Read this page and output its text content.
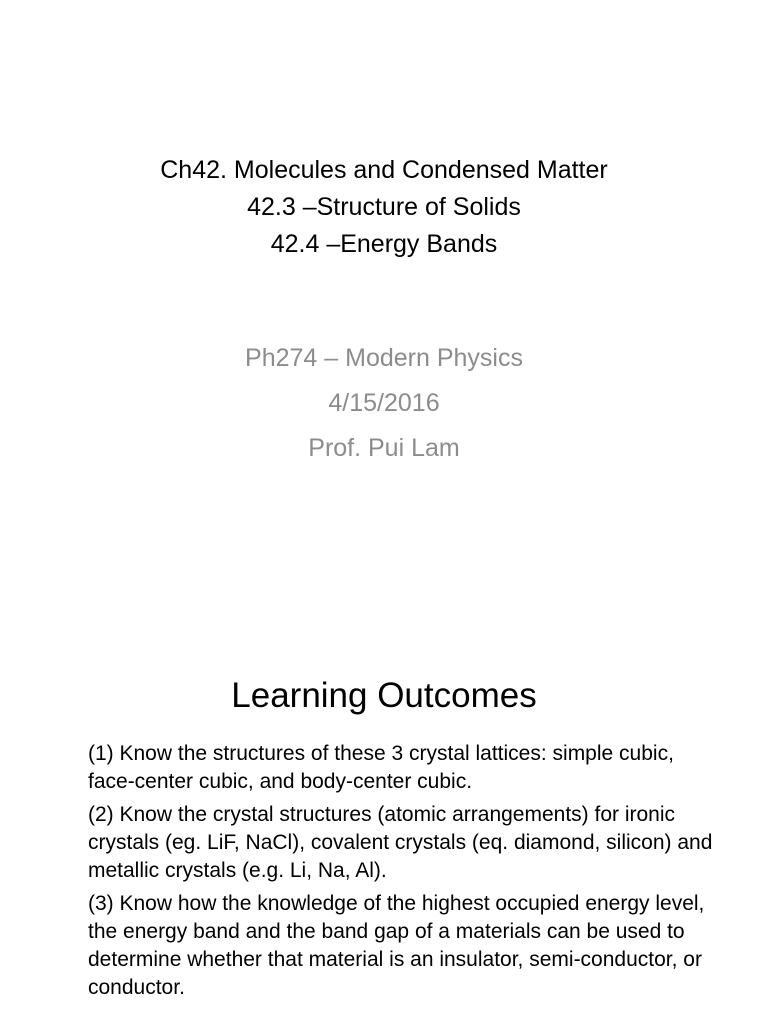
Ch42. Molecules and Condensed Matter
42.3 –Structure of Solids
42.4 –Energy Bands
Ph274 – Modern Physics
4/15/2016
Prof. Pui Lam
Learning Outcomes
(1) Know the structures of these 3 crystal lattices: simple cubic, face-center cubic, and body-center cubic.
(2) Know the crystal structures (atomic arrangements) for ironic crystals (eg. LiF, NaCl), covalent crystals (eq. diamond, silicon) and metallic crystals (e.g. Li, Na, Al).
(3) Know how the knowledge of the highest occupied energy level, the energy band and the band gap of a materials can be used to determine whether that material is an insulator, semi-conductor, or conductor.
